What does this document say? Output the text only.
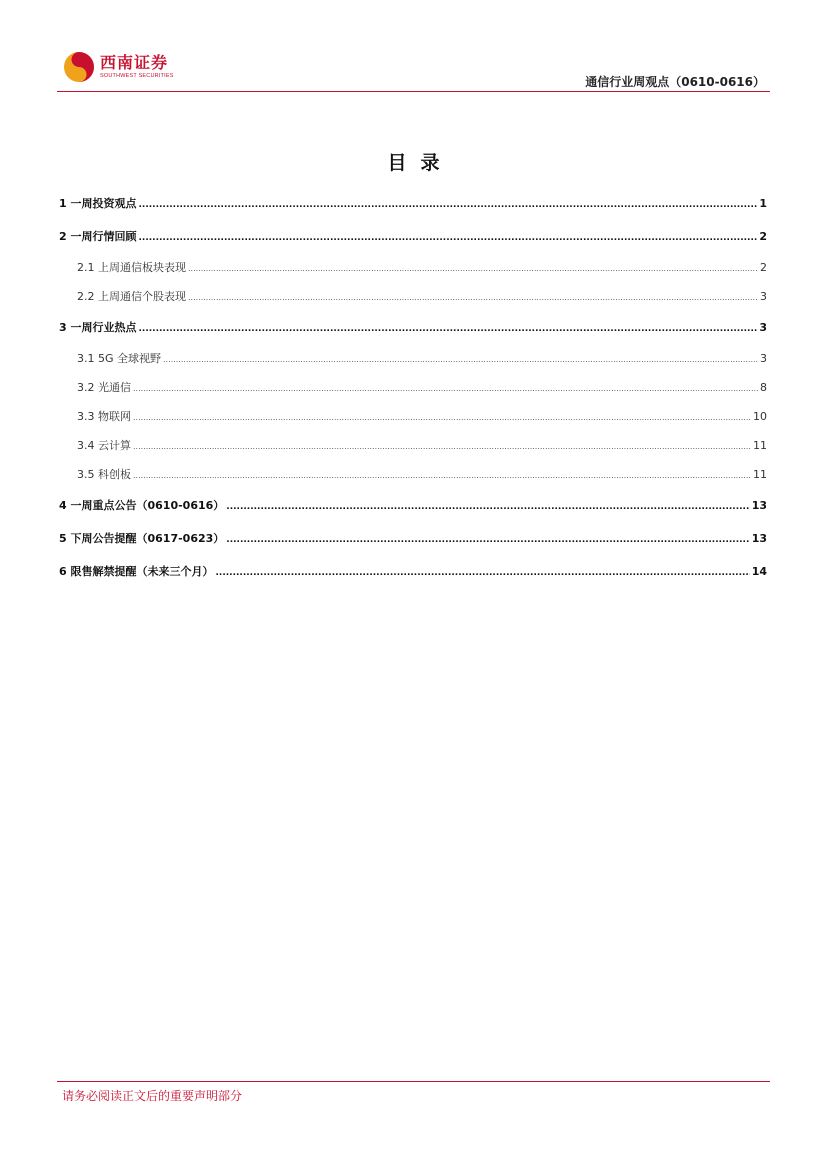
西南证券
SOUTHWEST SECURITIES	通信行业周观点（0610-0616）
目录
1 一周投资观点 .....	1
2 一周行情回顾 .....	2
2.1 上周通信板块表现 .....	2
2.2 上周通信个股表现 .....	3
3 一周行业热点 .....	3
3.1 5G 全球视野 .....	3
3.2 光通信 .....	8
3.3 物联网 .....	10
3.4 云计算 .....	11
3.5 科创板 .....	11
4 一周重点公告（0610-0616） .....	13
5 下周公告提醒（0617-0623） .....	13
6 限售解禁提醒（未来三个月） .....	14
请务必阅读正文后的重要声明部分
